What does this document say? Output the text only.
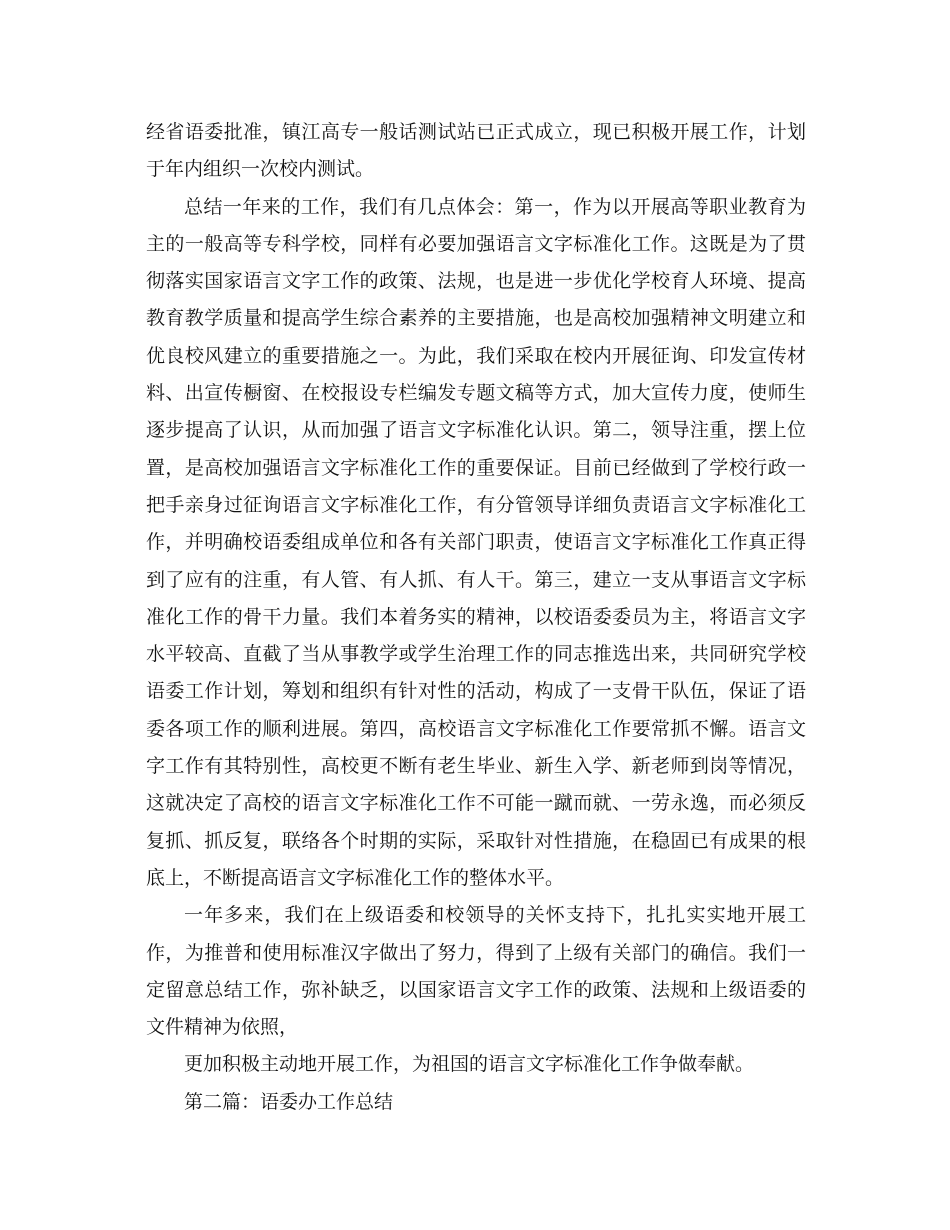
经省语委批准，镇江高专一般话测试站已正式成立，现已积极开展工作，计划于年内组织一次校内测试。

总结一年来的工作，我们有几点体会：第一，作为以开展高等职业教育为主的一般高等专科学校，同样有必要加强语言文字标准化工作。这既是为了贯彻落实国家语言文字工作的政策、法规，也是进一步优化学校育人环境、提高教育教学质量和提高学生综合素养的主要措施，也是高校加强精神文明建立和优良校风建立的重要措施之一。为此，我们采取在校内开展征询、印发宣传材料、出宣传橱窗、在校报设专栏编发专题文稿等方式，加大宣传力度，使师生逐步提高了认识，从而加强了语言文字标准化认识。第二，领导注重，摆上位置，是高校加强语言文字标准化工作的重要保证。目前已经做到了学校行政一把手亲身过征询语言文字标准化工作，有分管领导详细负责语言文字标准化工作，并明确校语委组成单位和各有关部门职责，使语言文字标准化工作真正得到了应有的注重，有人管、有人抓、有人干。第三，建立一支从事语言文字标准化工作的骨干力量。我们本着务实的精神，以校语委委员为主，将语言文字水平较高、直截了当从事教学或学生治理工作的同志推选出来，共同研究学校语委工作计划，筹划和组织有针对性的活动，构成了一支骨干队伍，保证了语委各项工作的顺利进展。第四，高校语言文字标准化工作要常抓不懈。语言文字工作有其特别性，高校更不断有老生毕业、新生入学、新老师到岗等情况，这就决定了高校的语言文字标准化工作不可能一蹴而就、一劳永逸，而必须反复抓、抓反复，联络各个时期的实际，采取针对性措施，在稳固已有成果的根底上，不断提高语言文字标准化工作的整体水平。

一年多来，我们在上级语委和校领导的关怀支持下，扎扎实实地开展工作，为推普和使用标准汉字做出了努力，得到了上级有关部门的确信。我们一定留意总结工作，弥补缺乏，以国家语言文字工作的政策、法规和上级语委的文件精神为依照，

更加积极主动地开展工作，为祖国的语言文字标准化工作争做奉献。

第二篇：语委办工作总结
